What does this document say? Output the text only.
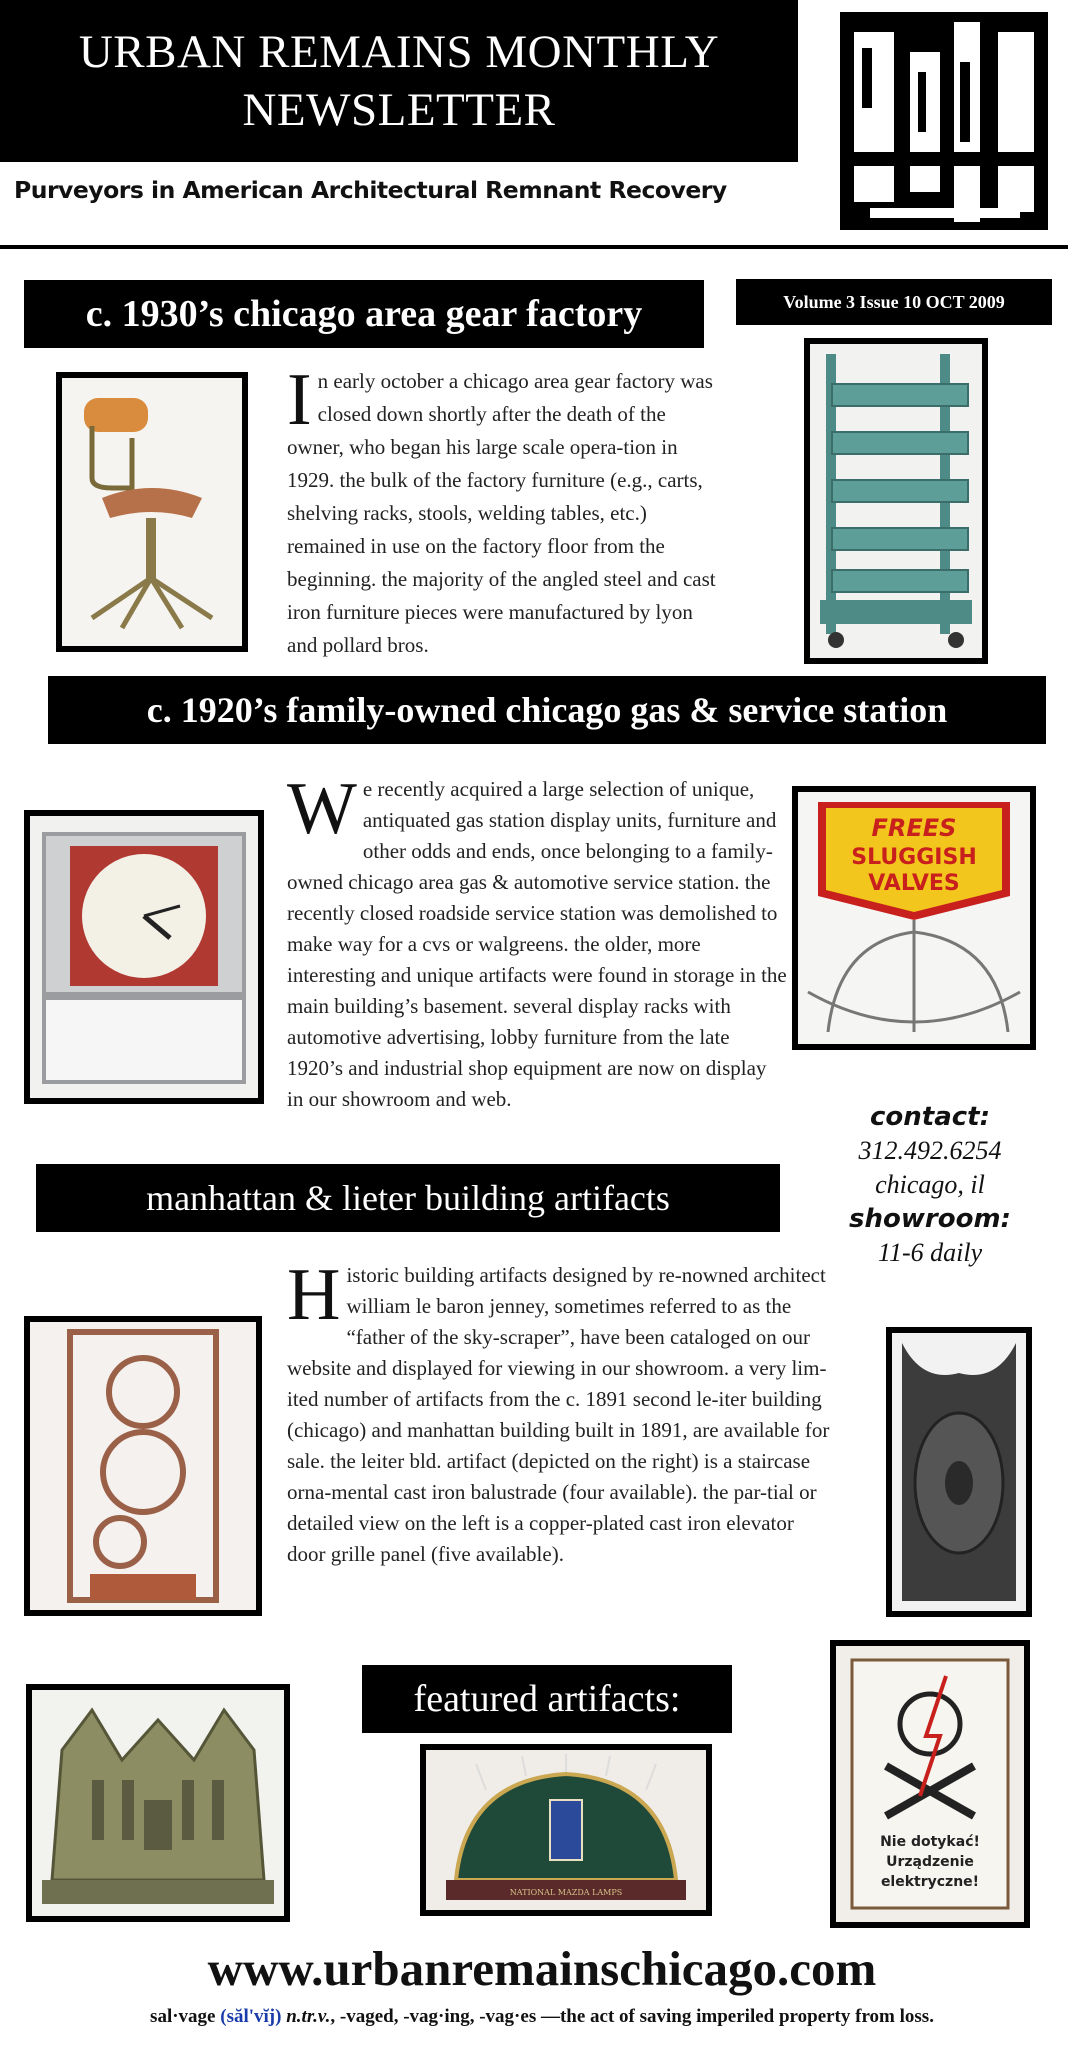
URBAN REMAINS MONTHLY
NEWSLETTER
Purveyors in American Architectural Remnant Recovery
Volume 3 Issue 10 OCT 2009
c. 1930’s chicago area gear factory
I n early october a chicago area gear factory was closed down shortly after the death of the owner, who began his large scale opera-tion in 1929. the bulk of the factory furniture (e.g., carts, shelving racks, stools, welding tables, etc.) remained in use on the factory floor from the beginning. the majority of the angled steel and cast iron furniture pieces were manufactured by lyon and pollard bros.
c. 1920’s family-owned chicago gas & service station
W e recently acquired a large selection of unique, antiquated gas station display units, furniture and other odds and ends, once belonging to a family-owned chicago area gas & automotive service station. the recently closed roadside service station was demolished to make way for a cvs or walgreens. the older, more interesting and unique artifacts were found in storage in the main building’s basement. several display racks with automotive advertising, lobby furniture from the late 1920’s and industrial shop equipment are now on display in our showroom and web.
FREES
SLUGGISH
VALVES
contact:
312.492.6254
chicago, il
showroom:
11-6 daily
manhattan & lieter building artifacts
H istoric building artifacts designed by re-nowned architect william le baron jenney, sometimes referred to as the “father of the sky-scraper”, have been cataloged on our website and displayed for viewing in our showroom. a very lim-ited number of artifacts from the c. 1891 second le-iter building (chicago) and manhattan building built in 1891, are available for sale. the leiter bld. artifact (depicted on the right) is a staircase orna-mental cast iron balustrade (four available). the par-tial or detailed view on the left is a copper-plated cast iron elevator door grille panel (five available).
featured artifacts:
NATIONAL MAZDA LAMPS
Nie dotykać!
Urządzenie
elektryczne!
www.urbanremainschicago.com
sal·vage (săl'vĭj) n.tr.v., -vaged, -vag·ing, -vag·es —the act of saving imperiled property from loss.
